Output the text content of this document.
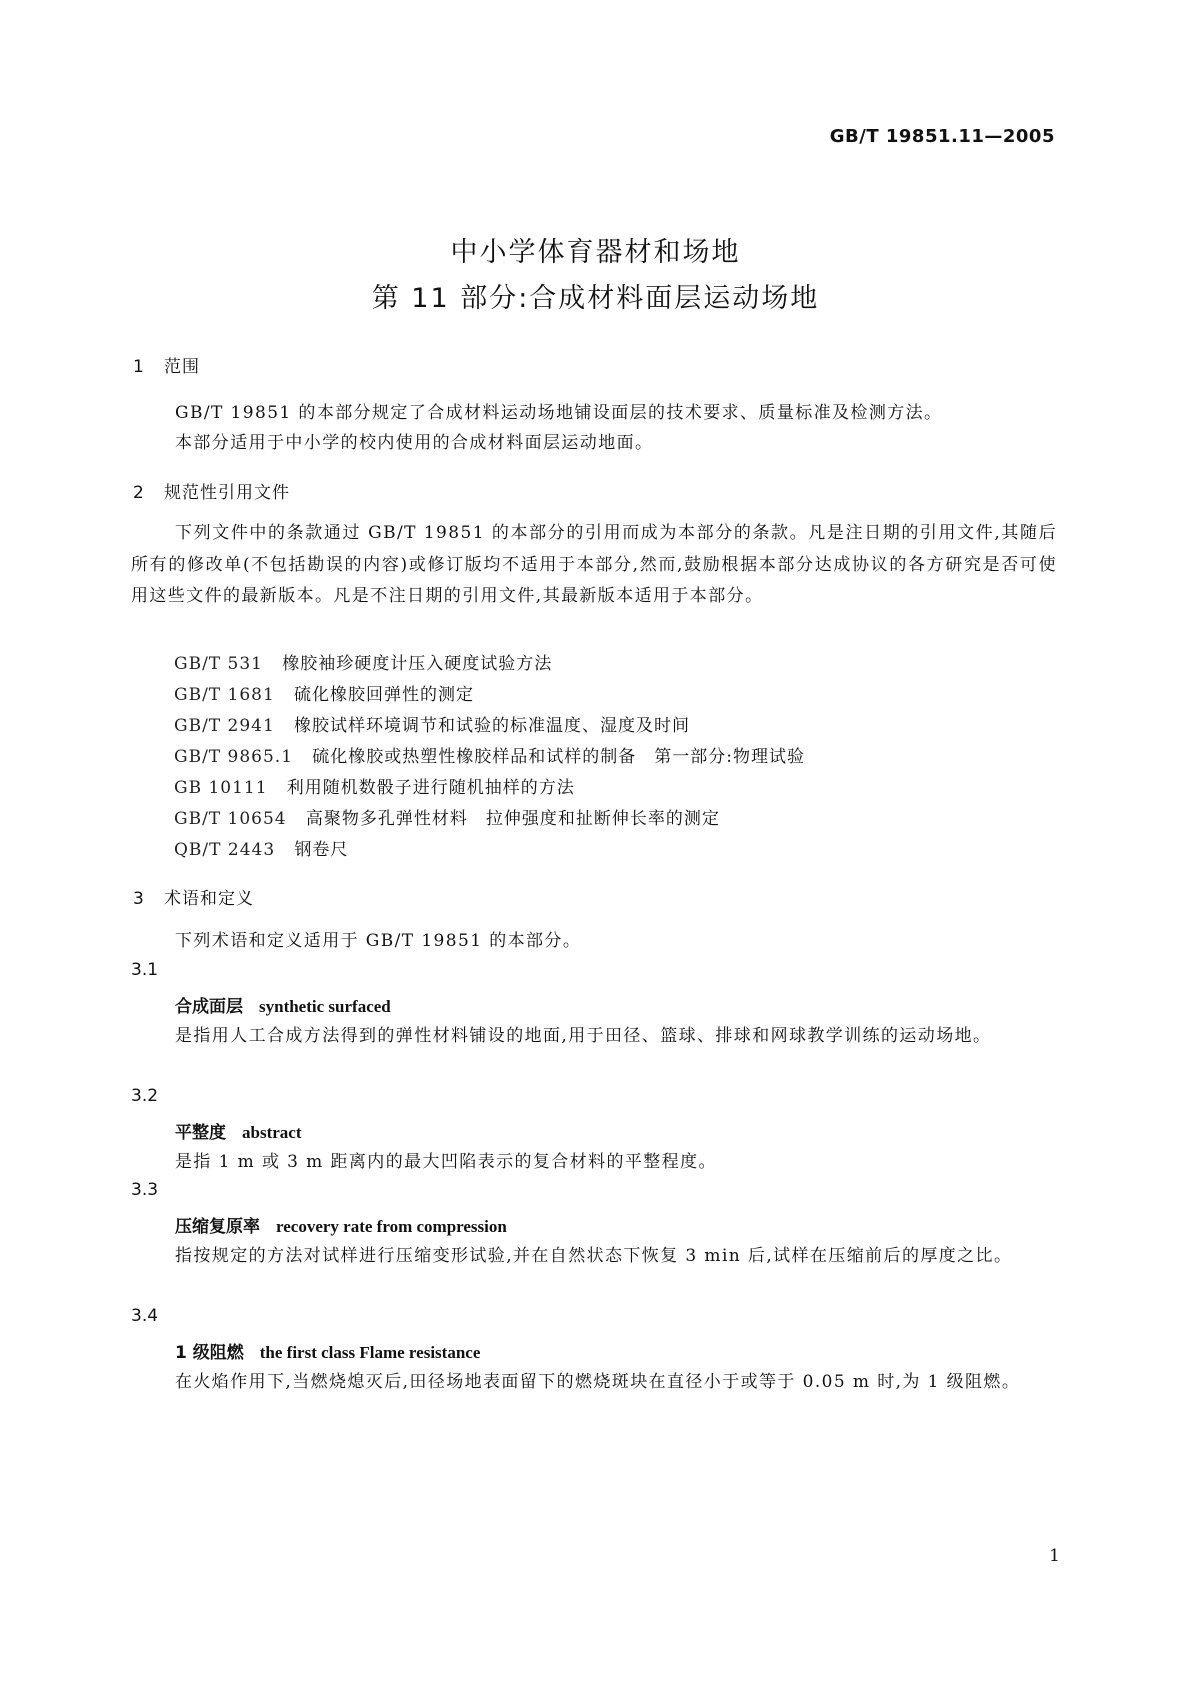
GB/T 19851.11—2005
中小学体育器材和场地
第 11 部分:合成材料面层运动场地
1 范围
GB/T 19851 的本部分规定了合成材料运动场地铺设面层的技术要求、质量标准及检测方法。
本部分适用于中小学的校内使用的合成材料面层运动地面。
2 规范性引用文件
下列文件中的条款通过 GB/T 19851 的本部分的引用而成为本部分的条款。凡是注日期的引用文件,其随后所有的修改单(不包括勘误的内容)或修订版均不适用于本部分,然而,鼓励根据本部分达成协议的各方研究是否可使用这些文件的最新版本。凡是不注日期的引用文件,其最新版本适用于本部分。
GB/T 531 橡胶袖珍硬度计压入硬度试验方法
GB/T 1681 硫化橡胶回弹性的测定
GB/T 2941 橡胶试样环境调节和试验的标准温度、湿度及时间
GB/T 9865.1 硫化橡胶或热塑性橡胶样品和试样的制备　第一部分:物理试验
GB 10111 利用随机数骰子进行随机抽样的方法
GB/T 10654 高聚物多孔弹性材料　拉伸强度和扯断伸长率的测定
QB/T 2443 钢卷尺
3 术语和定义
下列术语和定义适用于 GB/T 19851 的本部分。
3.1
合成面层 synthetic surfaced
是指用人工合成方法得到的弹性材料铺设的地面,用于田径、篮球、排球和网球教学训练的运动场地。
3.2
平整度 abstract
是指 1 m 或 3 m 距离内的最大凹陷表示的复合材料的平整程度。
3.3
压缩复原率 recovery rate from compression
指按规定的方法对试样进行压缩变形试验,并在自然状态下恢复 3 min 后,试样在压缩前后的厚度之比。
3.4
1 级阻燃 the first class Flame resistance
在火焰作用下,当燃烧熄灭后,田径场地表面留下的燃烧斑块在直径小于或等于 0.05 m 时,为 1 级阻燃。
1
